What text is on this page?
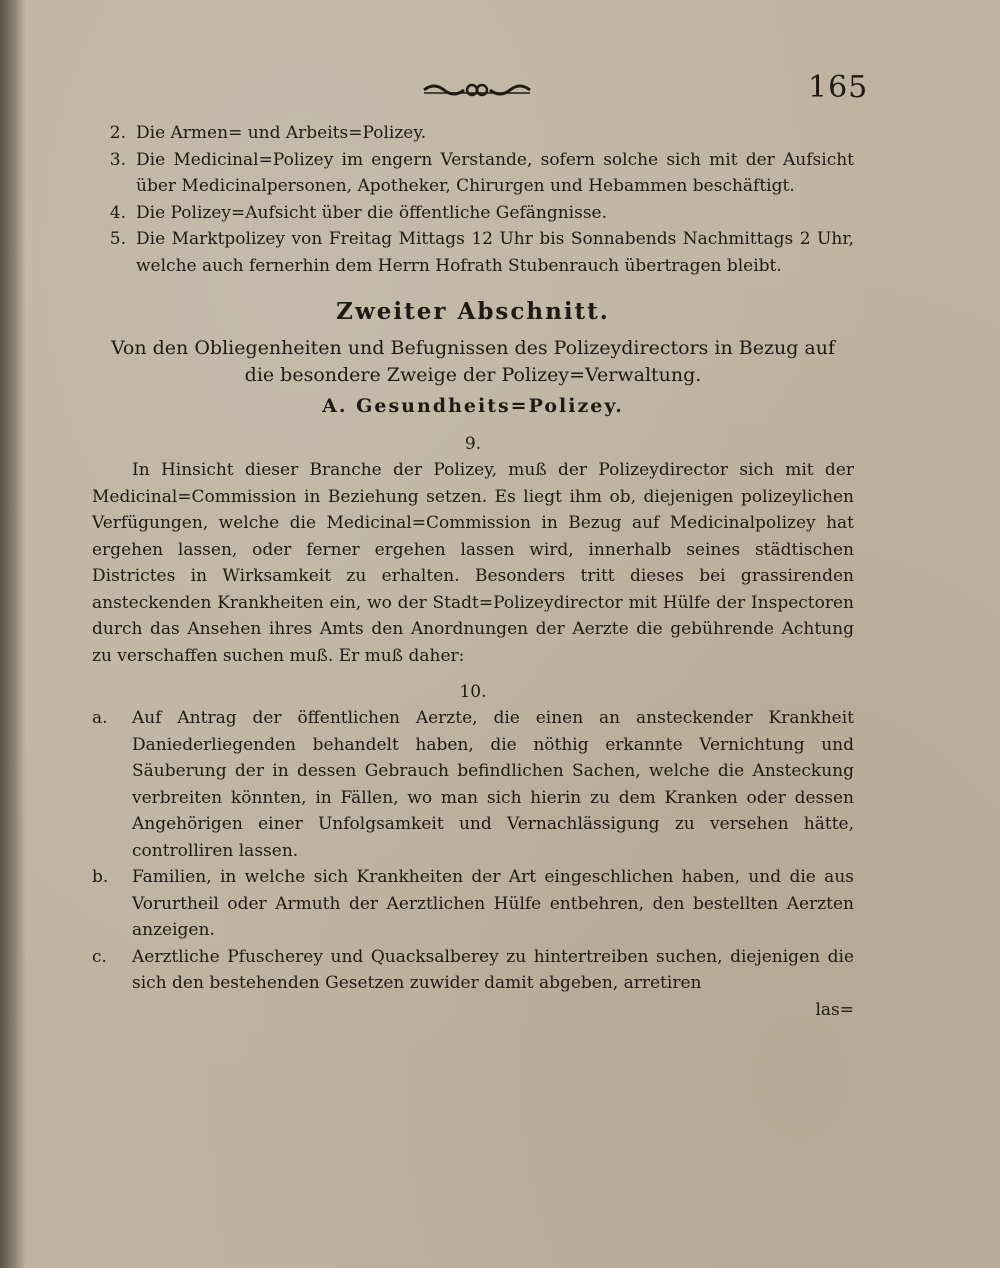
165
2. Die Armen= und Arbeits=Polizey.
3. Die Medicinal=Polizey im engern Verstande, sofern solche sich mit der Aufsicht über Medicinalpersonen, Apotheker, Chirurgen und Hebammen beschäftigt.
4. Die Polizey=Aufsicht über die öffentliche Gefängnisse.
5. Die Marktpolizey von Freitag Mittags 12 Uhr bis Sonnabends Nachmittags 2 Uhr, welche auch fernerhin dem Herrn Hofrath Stubenrauch übertragen bleibt.
Zweiter Abschnitt.
Von den Obliegenheiten und Befugnissen des Polizeydirectors in Bezug auf die besondere Zweige der Polizey=Verwaltung.
A. Gesundheits=Polizey.
9.

In Hinsicht dieser Branche der Polizey, muß der Polizeydirector sich mit der Medicinal=Commission in Beziehung setzen. Es liegt ihm ob, diejenigen polizeylichen Verfügungen, welche die Medicinal=Commission in Bezug auf Medicinalpolizey hat ergehen lassen, oder ferner ergehen lassen wird, innerhalb seines städtischen Districtes in Wirksamkeit zu erhalten. Besonders tritt dieses bei grassirenden ansteckenden Krankheiten ein, wo der Stadt=Polizeydirector mit Hülfe der Inspectoren durch das Ansehen ihres Amts den Anordnungen der Aerzte die gebührende Achtung zu verschaffen suchen muß. Er muß daher:

10.
a.	Auf Antrag der öffentlichen Aerzte, die einen an ansteckender Krankheit Daniederliegenden behandelt haben, die nöthig erkannte Vernichtung und Säuberung der in dessen Gebrauch befindlichen Sachen, welche die Ansteckung verbreiten könnten, in Fällen, wo man sich hierin zu dem Kranken oder dessen Angehörigen einer Unfolgsamkeit und Vernachlässigung zu versehen hätte, controlliren lassen.
b.	Familien, in welche sich Krankheiten der Art eingeschlichen haben, und die aus Vorurtheil oder Armuth der Aerztlichen Hülfe entbehren, den bestellten Aerzten anzeigen.
c.	Aerztliche Pfuscherey und Quacksalberey zu hintertreiben suchen, diejenigen die sich den bestehenden Gesetzen zuwider damit abgeben, arretiren
las=
